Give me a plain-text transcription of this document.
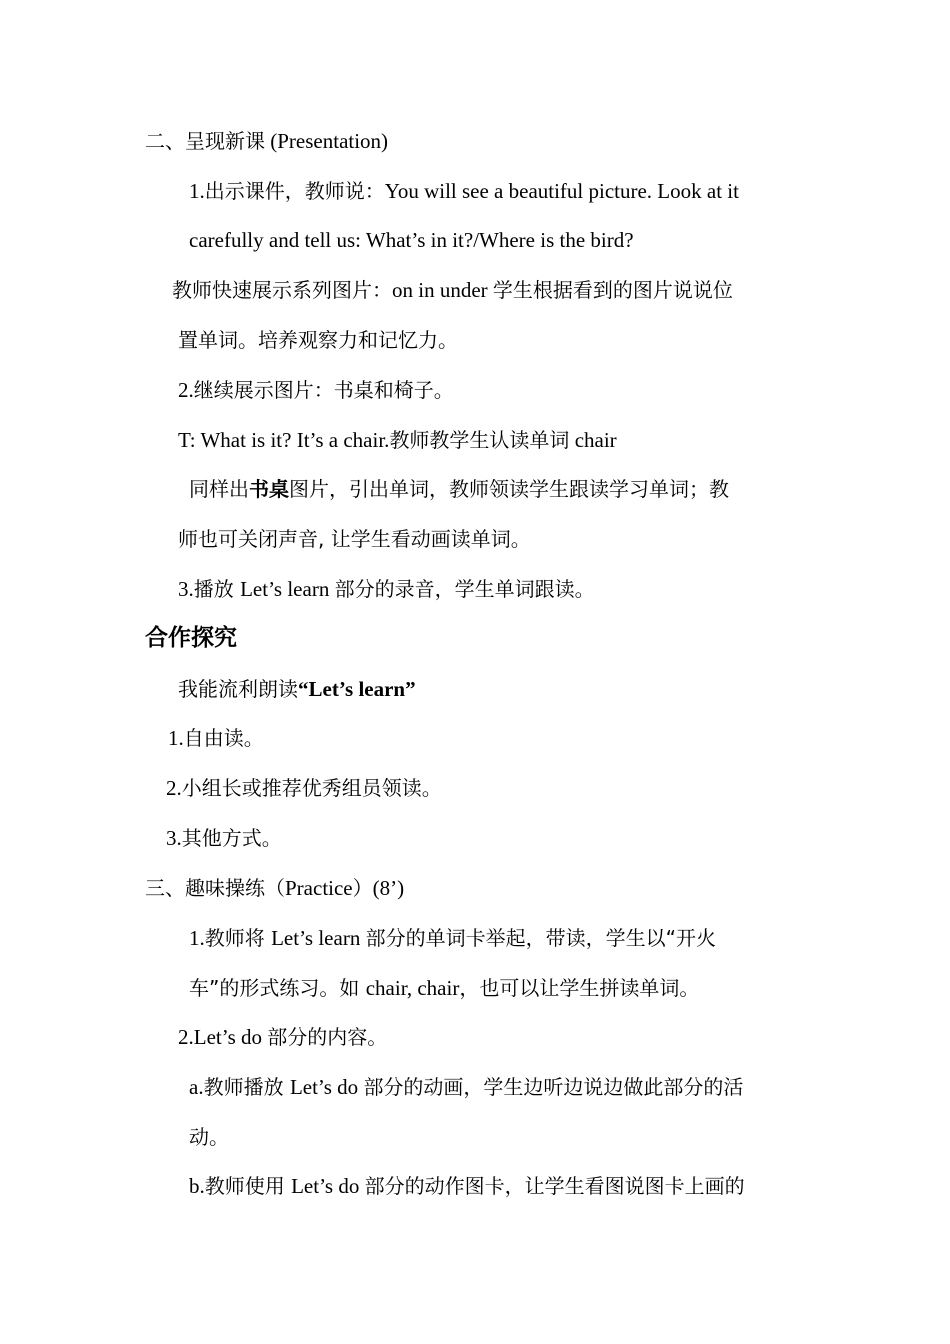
二、呈现新课 (Presentation)
1.出示课件，教师说：You will see a beautiful picture. Look at it
carefully and tell us: What’s in it?/Where is the bird?
教师快速展示系列图片：on in under 学生根据看到的图片说说位
置单词。培养观察力和记忆力。
2.继续展示图片：书桌和椅子。
T: What is it? It’s a chair.教师教学生认读单词 chair
同样出书桌图片，引出单词，教师领读学生跟读学习单词；教
师也可关闭声音, 让学生看动画读单词。
3.播放 Let’s learn 部分的录音，学生单词跟读。
合作探究
我能流利朗读“Let’s learn”
1.自由读。
2.小组长或推荐优秀组员领读。
3.其他方式。
三、趣味操练（Practice）(8’)
1.教师将 Let’s learn 部分的单词卡举起，带读，学生以“开火
车”的形式练习。如 chair, chair，也可以让学生拼读单词。
2.Let’s do 部分的内容。
a.教师播放 Let’s do 部分的动画，学生边听边说边做此部分的活
动。
b.教师使用 Let’s do 部分的动作图卡，让学生看图说图卡上画的
